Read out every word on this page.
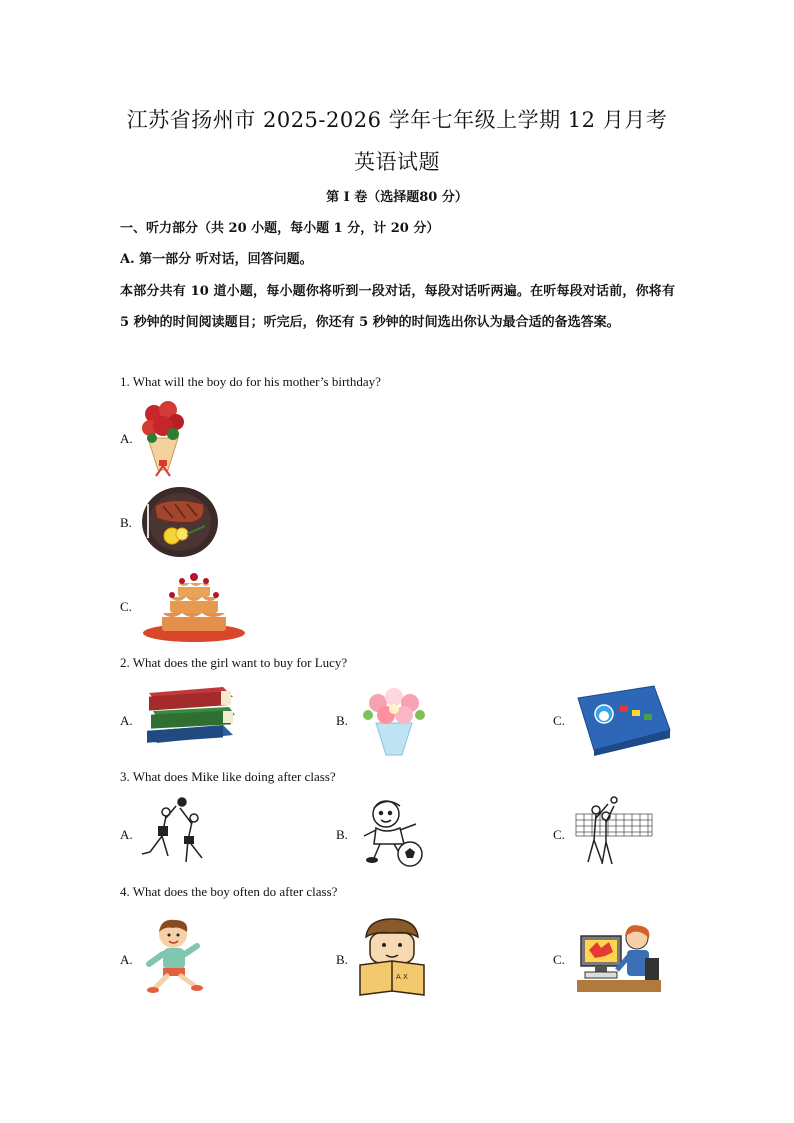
江苏省扬州市 2025-2026 学年七年级上学期 12 月月考
英语试题
第 I 卷（选择题80 分）
一、听力部分（共 20 小题，每小题 1 分，计 20 分）
A. 第一部分 听对话，回答问题。
本部分共有 10 道小题，每小题你将听到一段对话，每段对话听两遍。在听每段对话前，你将有 5 秒钟的时间阅读题目；听完后，你还有 5 秒钟的时间选出你认为最合适的备选答案。
1. What will the boy do for his mother’s birthday?
A.
B.
C.
2. What does the girl want to buy for Lucy?
A.	B.	C.
3. What does Mike like doing after class?
A.	B.	C.
4. What does the boy often do after class?
A.	B.
A X
C.
